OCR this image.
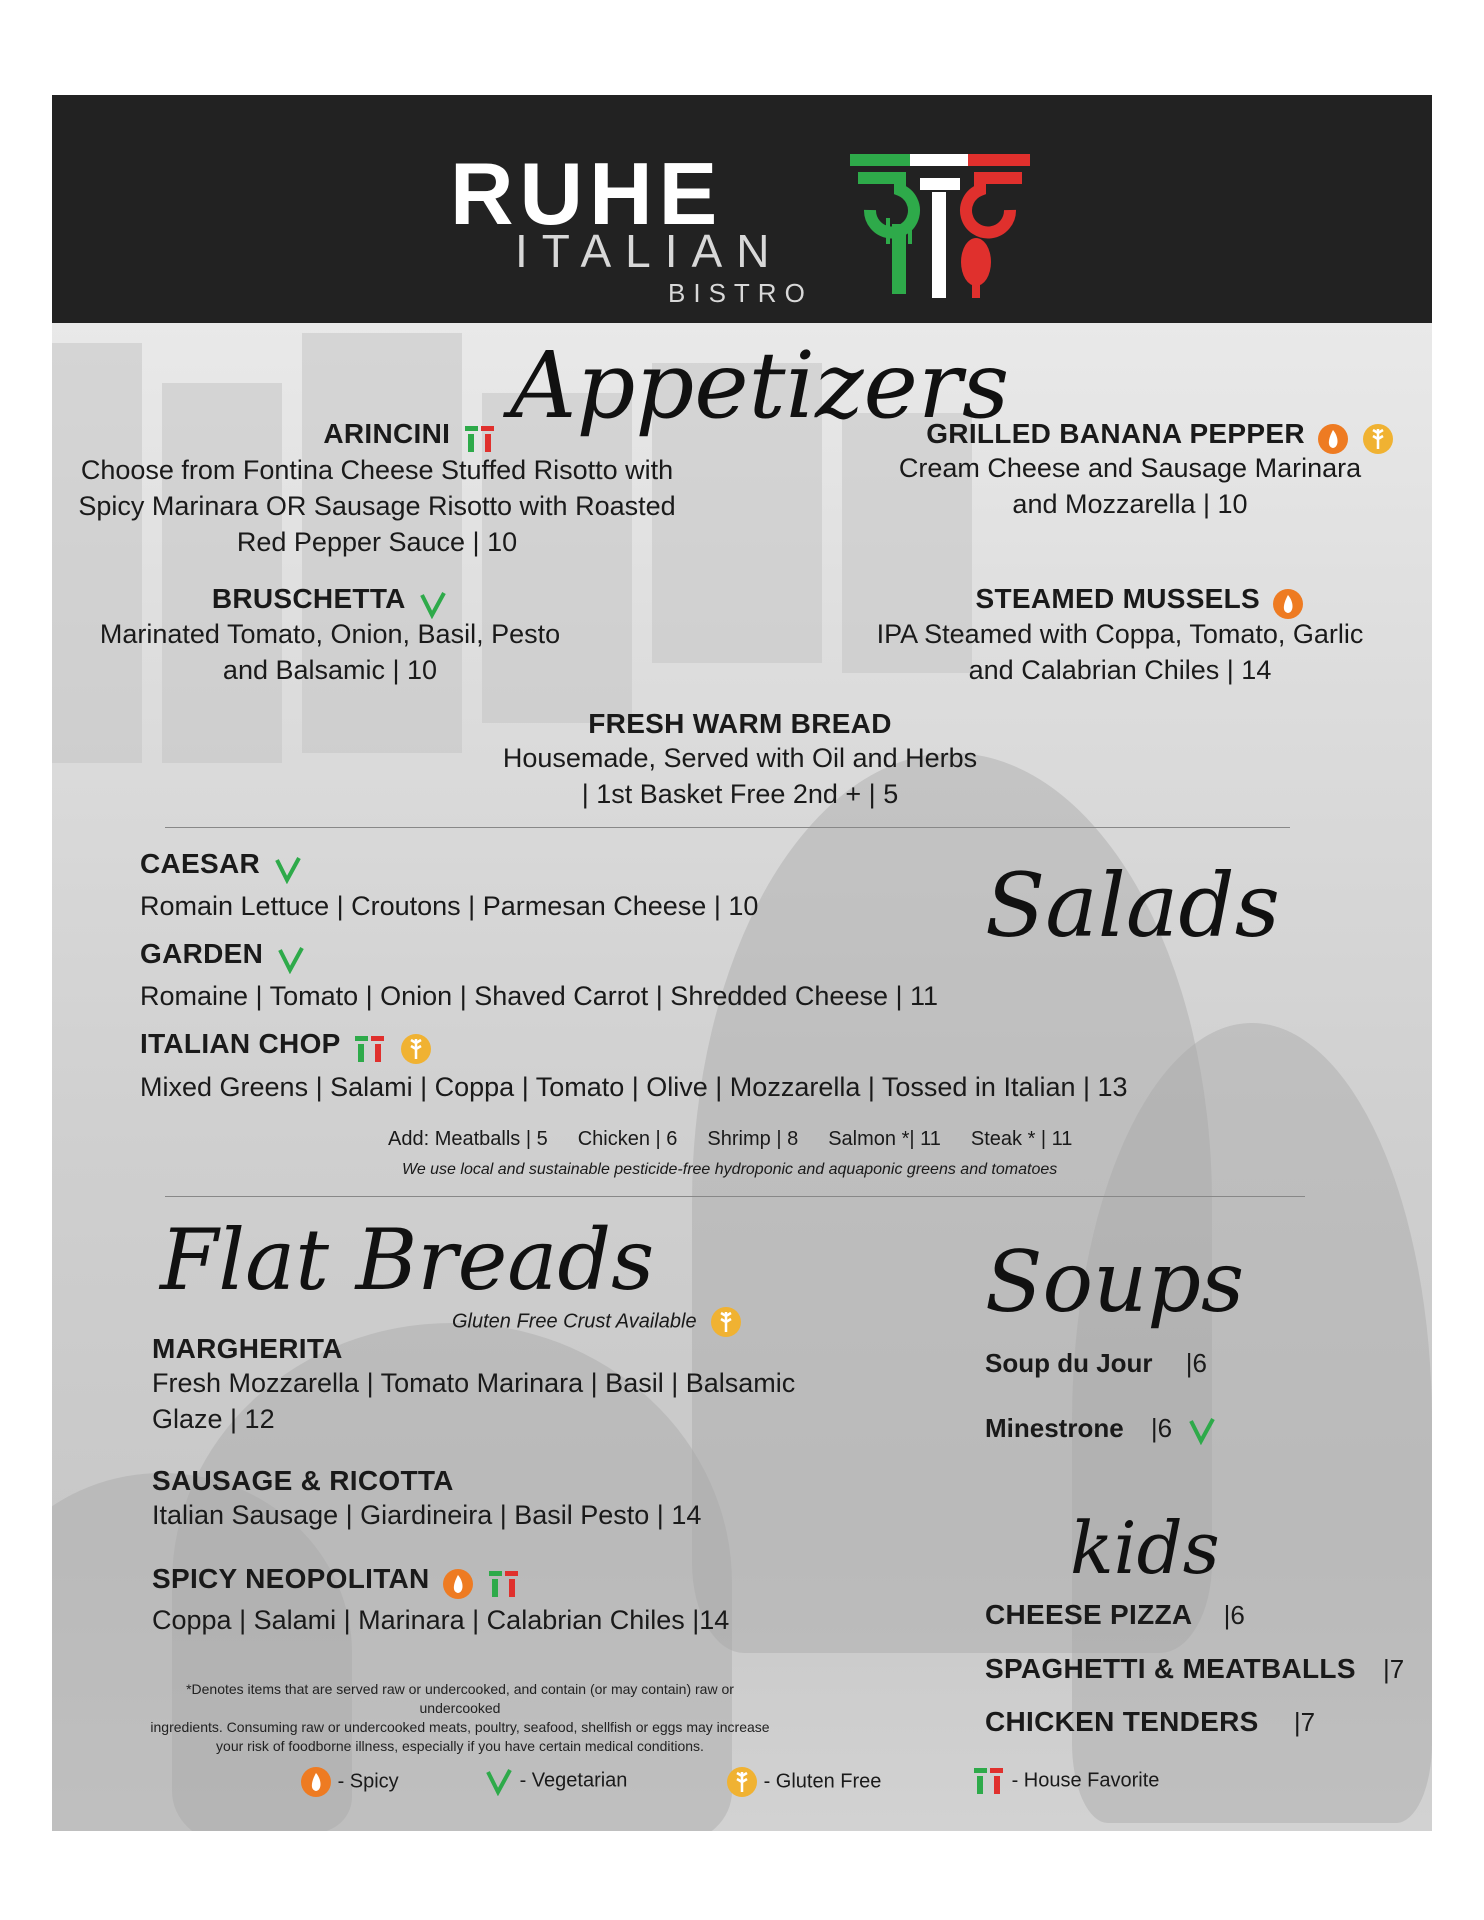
RUHE
ITALIAN
BISTRO
152
Appetizers
ARINCINI
Choose from Fontina Cheese Stuffed Risotto with
Spicy Marinara OR Sausage Risotto with Roasted
Red Pepper Sauce | 10
BRUSCHETTA
Marinated Tomato, Onion, Basil, Pesto
and Balsamic | 10
GRILLED BANANA PEPPER
Cream Cheese and Sausage Marinara
and Mozzarella | 10
STEAMED MUSSELS
IPA Steamed with Coppa, Tomato, Garlic
and Calabrian Chiles | 14
FRESH WARM BREAD
Housemade, Served with Oil and Herbs
| 1st Basket Free 2nd + | 5
Salads
CAESAR
Romain Lettuce | Croutons | Parmesan Cheese | 10
GARDEN
Romaine | Tomato | Onion | Shaved Carrot | Shredded Cheese | 11
ITALIAN CHOP
Mixed Greens | Salami | Coppa | Tomato | Olive | Mozzarella | Tossed in Italian | 13
Add: Meatballs | 5 Chicken | 6 Shrimp | 8 Salmon *| 11 Steak * | 11
We use local and sustainable pesticide-free hydroponic and aquaponic greens and tomatoes
Flat Breads
Gluten Free Crust Available
MARGHERITA
Fresh Mozzarella | Tomato Marinara | Basil | Balsamic
Glaze | 12
SAUSAGE & RICOTTA
Italian Sausage | Giardineira | Basil Pesto | 14
SPICY NEOPOLITAN
Coppa | Salami | Marinara | Calabrian Chiles |14
Soups
Soup du Jour |6
Minestrone |6
kids
CHEESE PIZZA |6
SPAGHETTI & MEATBALLS |7
CHICKEN TENDERS |7
*Denotes items that are served raw or undercooked, and contain (or may contain) raw or undercooked
ingredients. Consuming raw or undercooked meats, poultry, seafood, shellfish or eggs may increase
your risk of foodborne illness, especially if you have certain medical conditions.
- Spicy	- Vegetarian	- Gluten Free	- House Favorite
